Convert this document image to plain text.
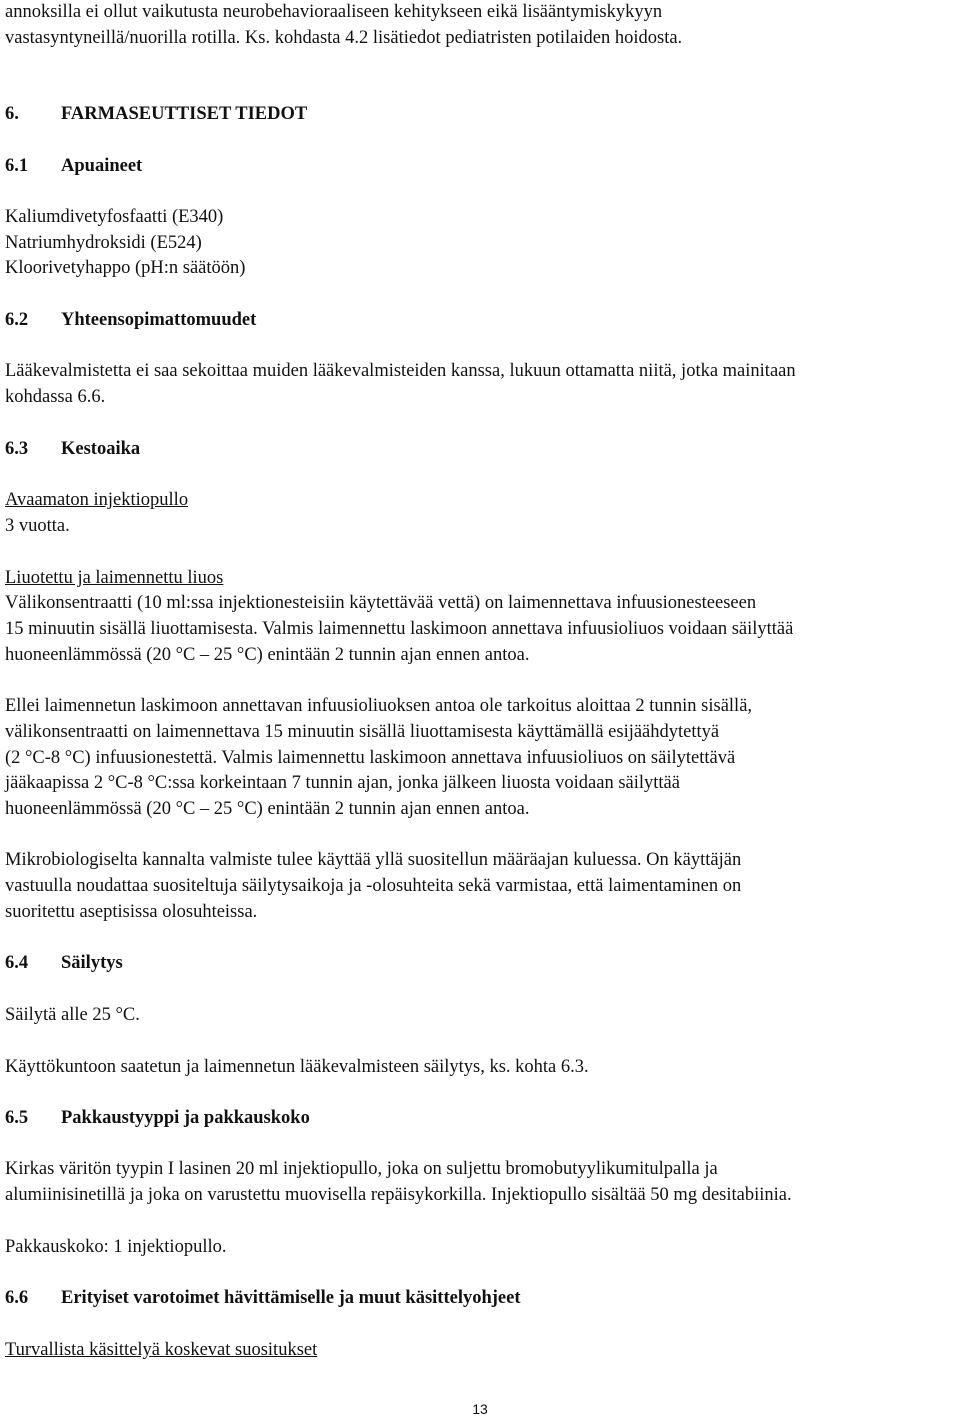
annoksilla ei ollut vaikutusta neurobehavioraaliseen kehitykseen eikä lisääntymiskykyyn
vastasyntyneillä/nuorilla rotilla. Ks. kohdasta 4.2 lisätiedot pediatristen potilaiden hoidosta.
6. FARMASEUTTISET TIEDOT
6.1 Apuaineet
Kaliumdivetyfosfaatti (E340)
Natriumhydroksidi (E524)
Kloorivetyhappo (pH:n säätöön)
6.2 Yhteensopimattomuudet
Lääkevalmistetta ei saa sekoittaa muiden lääkevalmisteiden kanssa, lukuun ottamatta niitä, jotka mainitaan
kohdassa 6.6.
6.3 Kestoaika
Avaamaton injektiopullo
3 vuotta.
Liuotettu ja laimennettu liuos
Välikonsentraatti (10 ml:ssa injektionesteisiin käytettävää vettä) on laimennettava infuusionesteeseen
15 minuutin sisällä liuottamisesta. Valmis laimennettu laskimoon annettava infuusioliuos voidaan säilyttää
huoneenlämmössä (20 °C – 25 °C) enintään 2 tunnin ajan ennen antoa.
Ellei laimennetun laskimoon annettavan infuusioliuoksen antoa ole tarkoitus aloittaa 2 tunnin sisällä,
välikonsentraatti on laimennettava 15 minuutin sisällä liuottamisesta käyttämällä esijäähdytettyä
(2 °C-8 °C) infuusionestettä. Valmis laimennettu laskimoon annettava infuusioliuos on säilytettävä
jääkaapissa 2 °C-8 °C:ssa korkeintaan 7 tunnin ajan, jonka jälkeen liuosta voidaan säilyttää
huoneenlämmössä (20 °C – 25 °C) enintään 2 tunnin ajan ennen antoa.
Mikrobiologiselta kannalta valmiste tulee käyttää yllä suositellun määräajan kuluessa. On käyttäjän
vastuulla noudattaa suositeltuja säilytysaikoja ja -olosuhteita sekä varmistaa, että laimentaminen on
suoritettu aseptisissa olosuhteissa.
6.4 Säilytys
Säilytä alle 25 °C.
Käyttökuntoon saatetun ja laimennetun lääkevalmisteen säilytys, ks. kohta 6.3.
6.5 Pakkaustyyppi ja pakkauskoko
Kirkas väritön tyypin I lasinen 20 ml injektiopullo, joka on suljettu bromobutyylikumitulpalla ja
alumiinisinetillä ja joka on varustettu muovisella repäisykorkilla. Injektiopullo sisältää 50 mg desitabiinia.
Pakkauskoko: 1 injektiopullo.
6.6 Erityiset varotoimet hävittämiselle ja muut käsittelyohjeet
Turvallista käsittelyä koskevat suositukset
13
